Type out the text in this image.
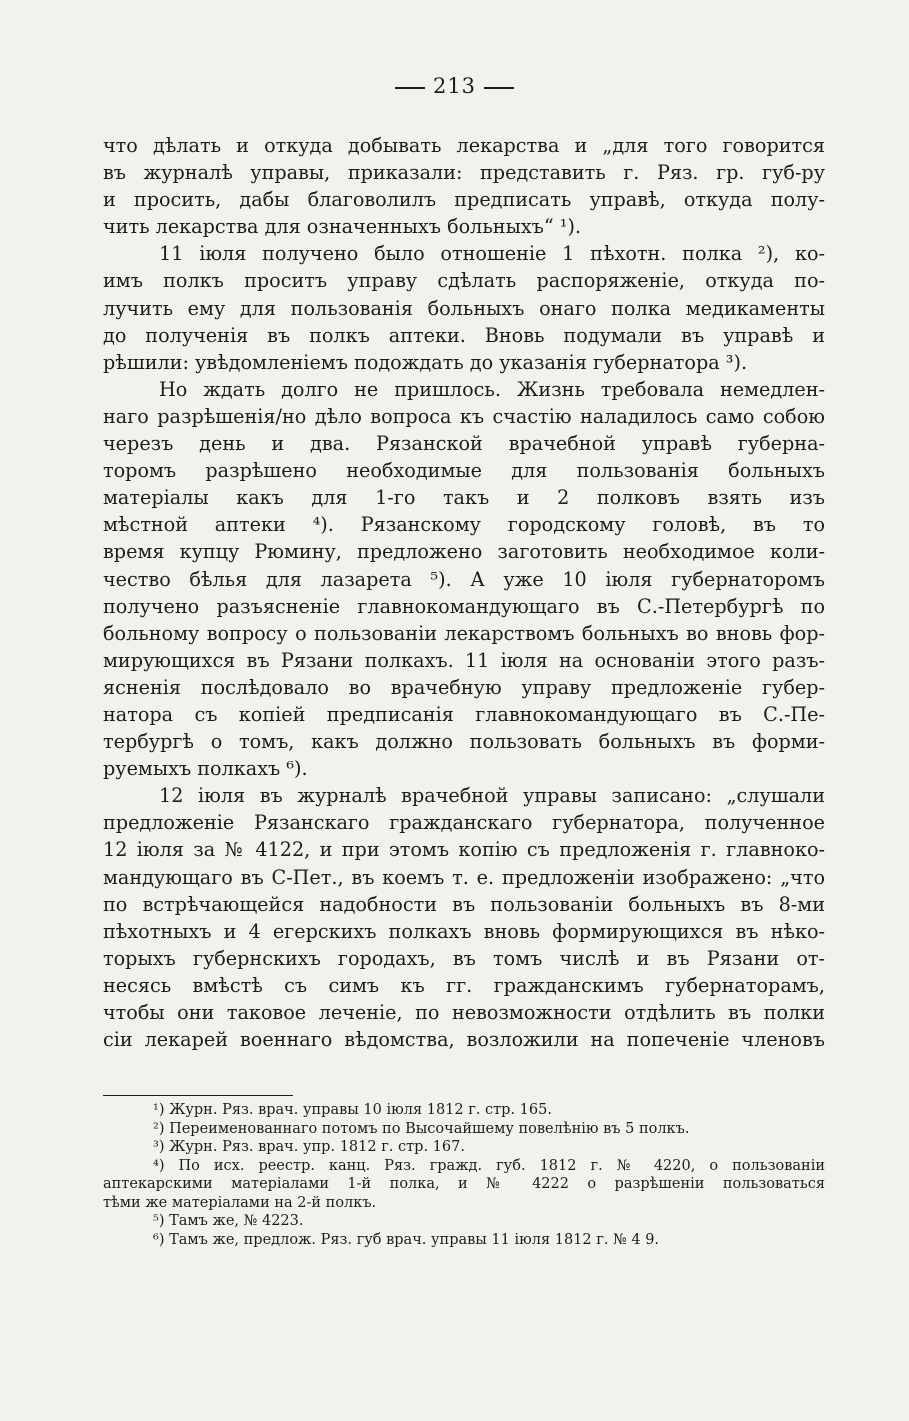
213
что дѣлать и откуда добывать лекарства и „для того говорится
въ журналѣ управы, приказали: представить г. Ряз. гр. губ-ру
и просить, дабы благоволилъ предписать управѣ, откуда полу-
чить лекарства для означенныхъ больныхъ“ ¹).
11 іюля получено было отношеніе 1 пѣхотн. полка ²), ко-
имъ полкъ проситъ управу сдѣлать распоряженіе, откуда по-
лучить ему для пользованія больныхъ онаго полка медикаменты
до полученія въ полкъ аптеки. Вновь подумали въ управѣ и
рѣшили: увѣдомленіемъ подождать до указанія губернатора ³).
Но ждать долго не пришлось. Жизнь требовала немедлен-
наго разрѣшенія/но дѣло вопроса къ счастію наладилось само собою
черезъ день и два. Рязанской врачебной управѣ губерна-
торомъ разрѣшено необходимые для пользованія больныхъ
матеріалы какъ для 1-го такъ и 2 полковъ взять изъ
мѣстной аптеки ⁴). Рязанскому городскому головѣ, въ то
время купцу Рюмину, предложено заготовить необходимое коли-
чество бѣлья для лазарета ⁵). А уже 10 іюля губернаторомъ
получено разъясненіе главнокомандующаго въ С.-Петербургѣ по
больному вопросу о пользованіи лекарствомъ больныхъ во вновь фор-
мирующихся въ Рязани полкахъ. 11 іюля на основаніи этого разъ-
ясненія послѣдовало во врачебную управу предложеніе губер-
натора съ копіей предписанія главнокомандующаго въ С.-Пе-
тербургѣ о томъ, какъ должно пользовать больныхъ въ форми-
руемыхъ полкахъ ⁶).
12 іюля въ журналѣ врачебной управы записано: „слушали
предложеніе Рязанскаго гражданскаго губернатора, полученное
12 іюля за № 4122, и при этомъ копію съ предложенія г. главноко-
мандующаго въ С-Пет., въ коемъ т. е. предложеніи изображено: „что
по встрѣчающейся надобности въ пользованіи больныхъ въ 8-ми
пѣхотныхъ и 4 егерскихъ полкахъ вновь формирующихся въ нѣко-
торыхъ губернскихъ городахъ, въ томъ числѣ и въ Рязани от-
несясь вмѣстѣ съ симъ къ гг. гражданскимъ губернаторамъ,
чтобы они таковое леченіе, по невозможности отдѣлить въ полки
сіи лекарей военнаго вѣдомства, возложили на попеченіе членовъ
¹) Журн. Ряз. врач. управы 10 іюля 1812 г. стр. 165.
²) Переименованнаго потомъ по Высочайшему повелѣнію въ 5 полкъ.
³) Журн. Ряз. врач. упр. 1812 г. стр. 167.
⁴) По исх. реестр. канц. Ряз. гражд. губ. 1812 г. № 4220, о пользованіи
аптекарскими матеріалами 1-й полка, и № 4222 о разрѣшеніи пользоваться
тѣми же матеріалами на 2-й полкъ.
⁵) Тамъ же, № 4223.
⁶) Тамъ же, предлож. Ряз. губ врач. управы 11 іюля 1812 г. № 4 9.
